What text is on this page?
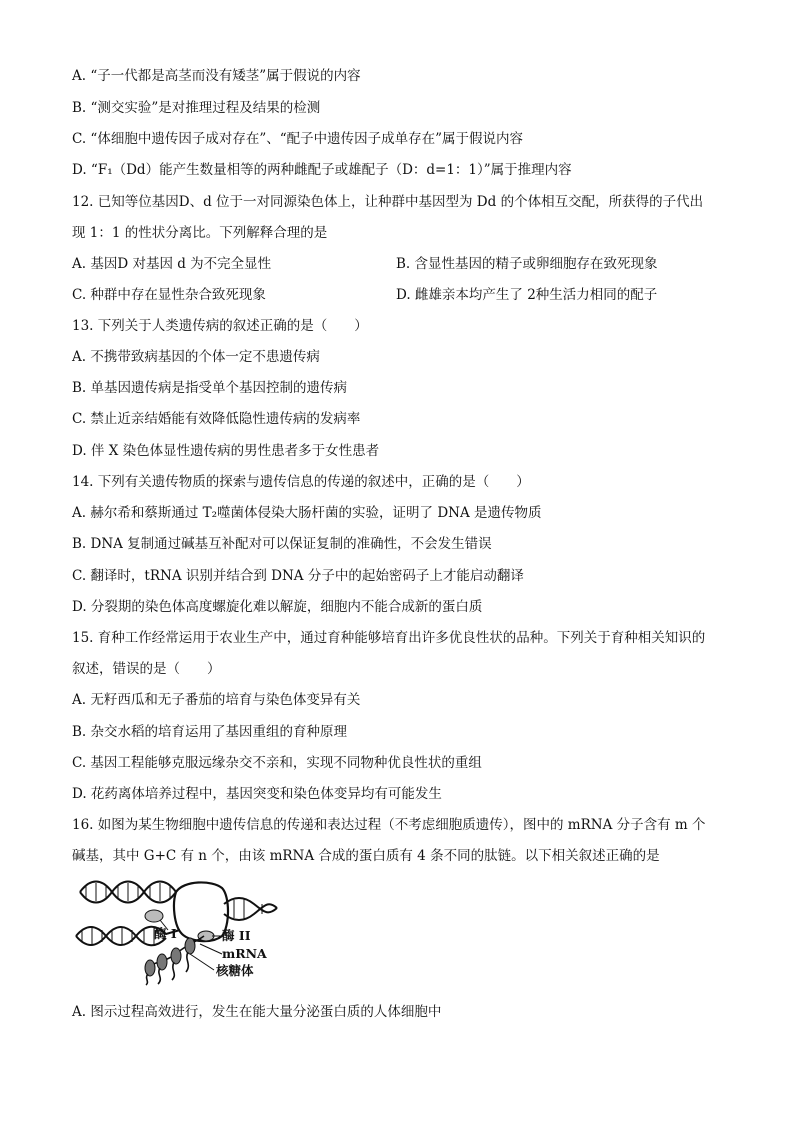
A. “子一代都是高茎而没有矮茎”属于假说的内容
B. “测交实验”是对推理过程及结果的检测
C. “体细胞中遗传因子成对存在”、“配子中遗传因子成单存在”属于假说内容
D. “F₁（Dd）能产生数量相等的两种雌配子或雄配子（D：d=1：1）”属于推理内容
12. 已知等位基因D、d 位于一对同源染色体上，让种群中基因型为 Dd 的个体相互交配，所获得的子代出
现 1：1 的性状分离比。下列解释合理的是
A. 基因D 对基因 d 为不完全显性	B. 含显性基因的精子或卵细胞存在致死现象
C. 种群中存在显性杂合致死现象	D. 雌雄亲本均产生了 2种生活力相同的配子
13. 下列关于人类遗传病的叙述正确的是（　　）
A. 不携带致病基因的个体一定不患遗传病
B. 单基因遗传病是指受单个基因控制的遗传病
C. 禁止近亲结婚能有效降低隐性遗传病的发病率
D. 伴 X 染色体显性遗传病的男性患者多于女性患者
14. 下列有关遗传物质的探索与遗传信息的传递的叙述中，正确的是（　　）
A. 赫尔希和蔡斯通过 T₂噬菌体侵染大肠杆菌的实验，证明了 DNA 是遗传物质
B. DNA 复制通过碱基互补配对可以保证复制的准确性，不会发生错误
C. 翻译时，tRNA 识别并结合到 DNA 分子中的起始密码子上才能启动翻译
D. 分裂期的染色体高度螺旋化难以解旋，细胞内不能合成新的蛋白质
15. 育种工作经常运用于农业生产中，通过育种能够培育出许多优良性状的品种。下列关于育种相关知识的
叙述，错误的是（　　）
A. 无籽西瓜和无子番茄的培育与染色体变异有关
B. 杂交水稻的培育运用了基因重组的育种原理
C. 基因工程能够克服远缘杂交不亲和，实现不同物种优良性状的重组
D. 花药离体培养过程中，基因突变和染色体变异均有可能发生
16. 如图为某生物细胞中遗传信息的传递和表达过程（不考虑细胞质遗传），图中的 mRNA 分子含有 m 个
碱基，其中 G+C 有 n 个，由该 mRNA 合成的蛋白质有 4 条不同的肽链。以下相关叙述正确的是
酶 I	酶 II
mRNA
核糖体
A. 图示过程高效进行，发生在能大量分泌蛋白质的人体细胞中
